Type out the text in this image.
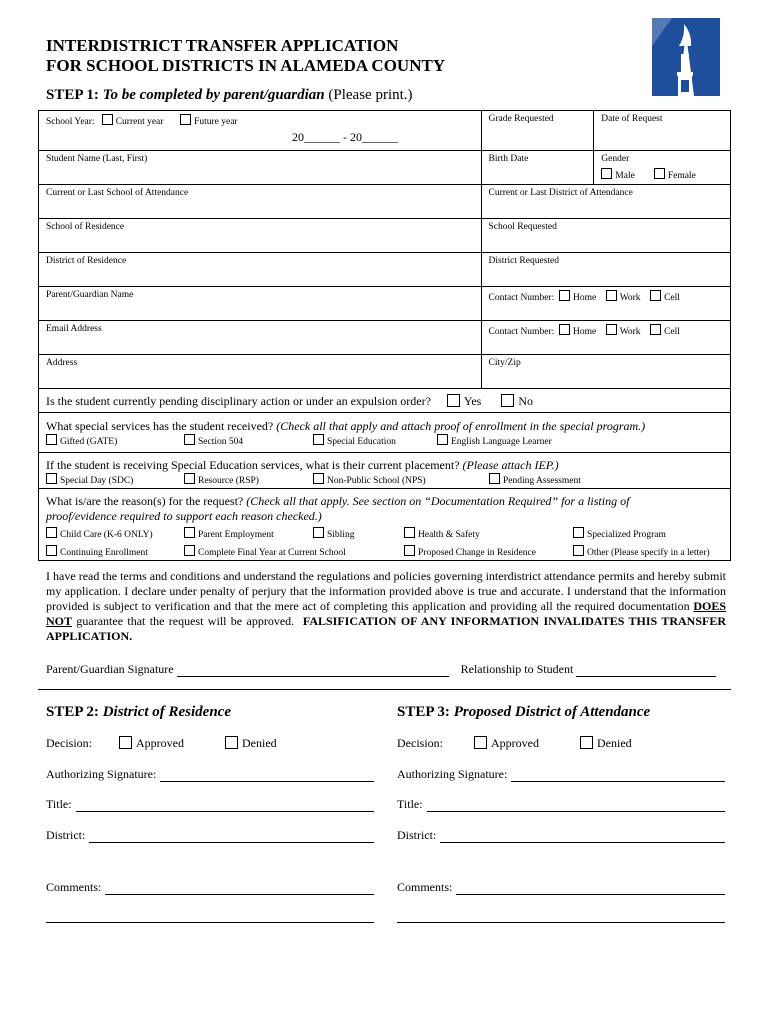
INTERDISTRICT TRANSFER APPLICATION
FOR SCHOOL DISTRICTS IN ALAMEDA COUNTY
STEP 1: To be completed by parent/guardian (Please print.)
School Year: Current year Future year
20______ - 20______	Grade Requested	Date of Request
Student Name (Last, First)	Birth Date	Gender
Male Female

Current or Last School of Attendance	Current or Last District of Attendance	
School of Residence	School Requested	
District of Residence	District Requested	
Parent/Guardian Name	Contact Number: Home Work Cell	
Email Address	Contact Number: Home Work Cell	
Address	City/Zip	
Is the student currently pending disciplinary action or under an expulsion order?	Yes	No
What special services has the student received? (Check all that apply and attach proof of enrollment in the special program.)
Gifted (GATE)	Section 504	Special Education	English Language Learner
If the student is receiving Special Education services, what is their current placement? (Please attach IEP.)
Special Day (SDC)	Resource (RSP)	Non-Public School (NPS)	Pending Assessment
What is/are the reason(s) for the request? (Check all that apply. See section on “Documentation Required” for a listing of
proof/evidence required to support each reason checked.)
Child Care (K-6 ONLY)	Parent Employment	Sibling	Health & Safety	Specialized Program
Continuing Enrollment	Complete Final Year at Current School	Proposed Change in Residence	Other (Please specify in a letter)
I have read the terms and conditions and understand the regulations and policies governing interdistrict attendance permits and hereby submit my application. I declare under penalty of perjury that the information provided above is true and accurate. I understand that the information provided is subject to verification and that the mere act of completing this application and providing all the required documentation DOES NOT guarantee that the request will be approved. FALSIFICATION OF ANY INFORMATION INVALIDATES THIS TRANSFER APPLICATION.
Parent/Guardian Signature	Relationship to Student
STEP 2: District of Residence
Decision:	Approved	Denied
Authorizing Signature:
Title:
District:
Comments:
STEP 3: Proposed District of Attendance
Decision:	Approved	Denied
Authorizing Signature:
Title:
District:
Comments:
